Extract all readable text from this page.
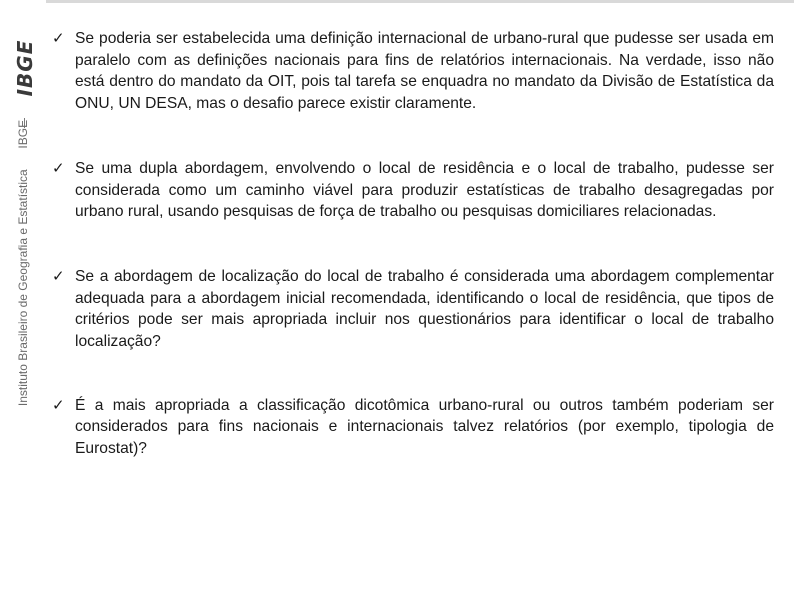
IBGE
Instituto Brasileiro de Geografia e Estatística  IBGE
✓ Se poderia ser estabelecida uma definição internacional de urbano-rural que pudesse ser usada em paralelo com as definições nacionais para fins de relatórios internacionais. Na verdade, isso não está dentro do mandato da OIT, pois tal tarefa se enquadra no mandato da Divisão de Estatística da ONU, UN DESA, mas o desafio parece existir claramente.
✓ Se uma dupla abordagem, envolvendo o local de residência e o local de trabalho, pudesse ser considerada como um caminho viável para produzir estatísticas de trabalho desagregadas por urbano rural, usando pesquisas de força de trabalho ou pesquisas domiciliares relacionadas.
✓ Se a abordagem de localização do local de trabalho é considerada uma abordagem complementar adequada para a abordagem inicial recomendada, identificando o local de residência, que tipos de critérios pode ser mais apropriada incluir nos questionários para identificar o local de trabalho localização?
✓ É a mais apropriada a classificação dicotômica urbano-rural ou outros também poderiam ser considerados para fins nacionais e internacionais talvez relatórios (por exemplo, tipologia de Eurostat)?
